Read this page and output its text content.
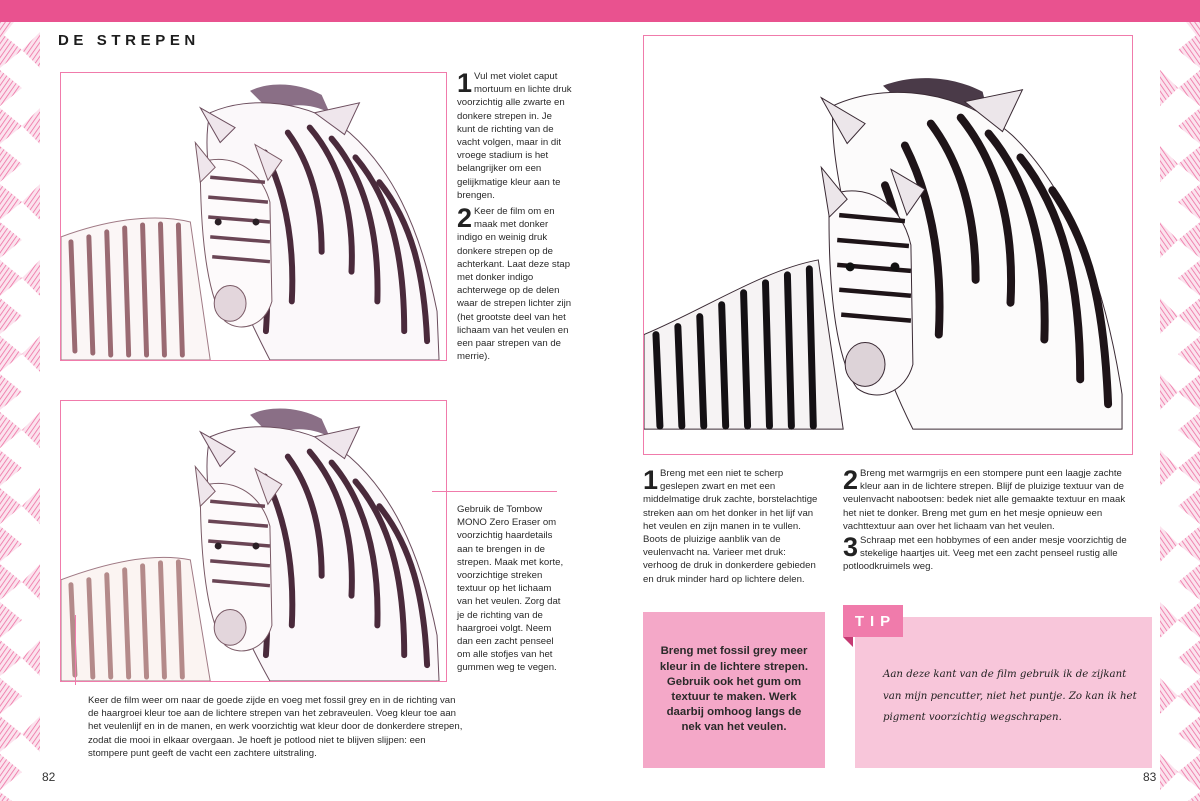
DE STREPEN
1 Vul met violet caput mortuum en lichte druk voorzichtig alle zwarte en donkere strepen in. Je kunt de richting van de vacht volgen, maar in dit vroege stadium is het belangrijker om een gelijkmatige kleur aan te brengen.
2 Keer de film om en maak met donker indigo en weinig druk donkere strepen op de achterkant. Laat deze stap met donker indigo achterwege op de delen waar de strepen lichter zijn (het grootste deel van het lichaam van het veulen en een paar strepen van de merrie).
Gebruik de Tombow MONO Zero Eraser om voorzichtig haardetails aan te brengen in de strepen. Maak met korte, voorzichtige streken textuur op het lichaam van het veulen. Zorg dat je de richting van de haargroei volgt. Neem dan een zacht penseel om alle stofjes van het gummen weg te vegen.
Keer de film weer om naar de goede zijde en voeg met fossil grey en in de richting van de haargroei kleur toe aan de lichtere strepen van het zebraveulen. Voeg kleur toe aan het veulenlijf en in de manen, en werk voorzichtig wat kleur door de donkerdere strepen, zodat die mooi in elkaar overgaan. Je hoeft je potlood niet te blijven slijpen: een stompere punt geeft de vacht een zachtere uitstraling.
82
1 Breng met een niet te scherp geslepen zwart en met een middelmatige druk zachte, borstelachtige streken aan om het donker in het lijf van het veulen en zijn manen in te vullen. Boots de pluizige aanblik van de veulenvacht na. Varieer met druk: verhoog de druk in donkerdere gebieden en druk minder hard op lichtere delen.
2 Breng met warmgrijs en een stompere punt een laagje zachte kleur aan in de lichtere strepen. Blijf de pluizige textuur van de veulenvacht nabootsen: bedek niet alle gemaakte textuur en maak het niet te donker. Breng met gum en het mesje opnieuw een vachttextuur aan over het lichaam van het veulen.
3 Schraap met een hobbymes of een ander mesje voorzichtig de stekelige haartjes uit. Veeg met een zacht penseel rustig alle potloodkruimels weg.

Breng met fossil grey meer kleur in de lichtere strepen. Gebruik ook het gum om textuur te maken. Werk daarbij omhoog langs de nek van het veulen.

TIP
Aan deze kant van de film gebruik ik de zijkant van mijn pencutter, niet het puntje. Zo kan ik het pigment voorzichtig wegschrapen.
83
